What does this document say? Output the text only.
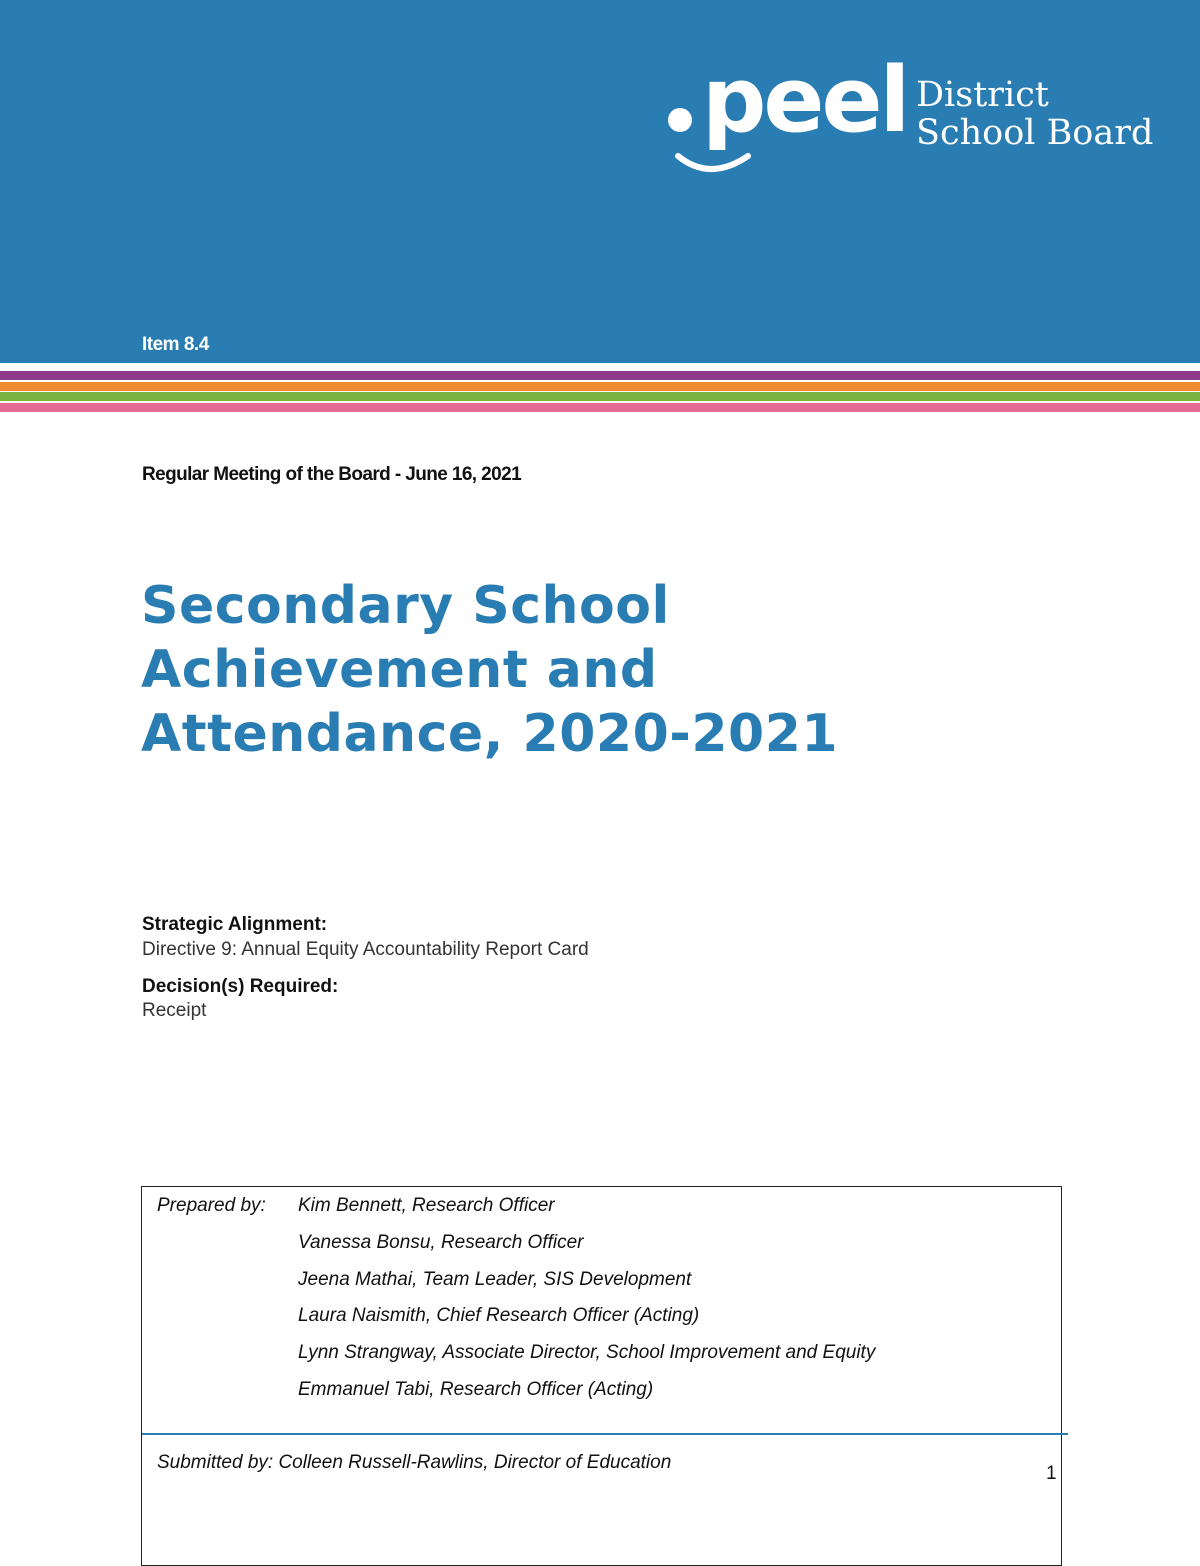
peel District
School Board
Item 8.4
Regular Meeting of the Board - June 16, 2021
Secondary School
Achievement and
Attendance, 2020-2021
Strategic Alignment:
Directive 9: Annual Equity Accountability Report Card
Decision(s) Required:
Receipt
Prepared by: Kim Bennett, Research Officer
Vanessa Bonsu, Research Officer
Jeena Mathai, Team Leader, SIS Development
Laura Naismith, Chief Research Officer (Acting)
Lynn Strangway, Associate Director, School Improvement and Equity
Emmanuel Tabi, Research Officer (Acting)
Submitted by: Colleen Russell-Rawlins, Director of Education
1
